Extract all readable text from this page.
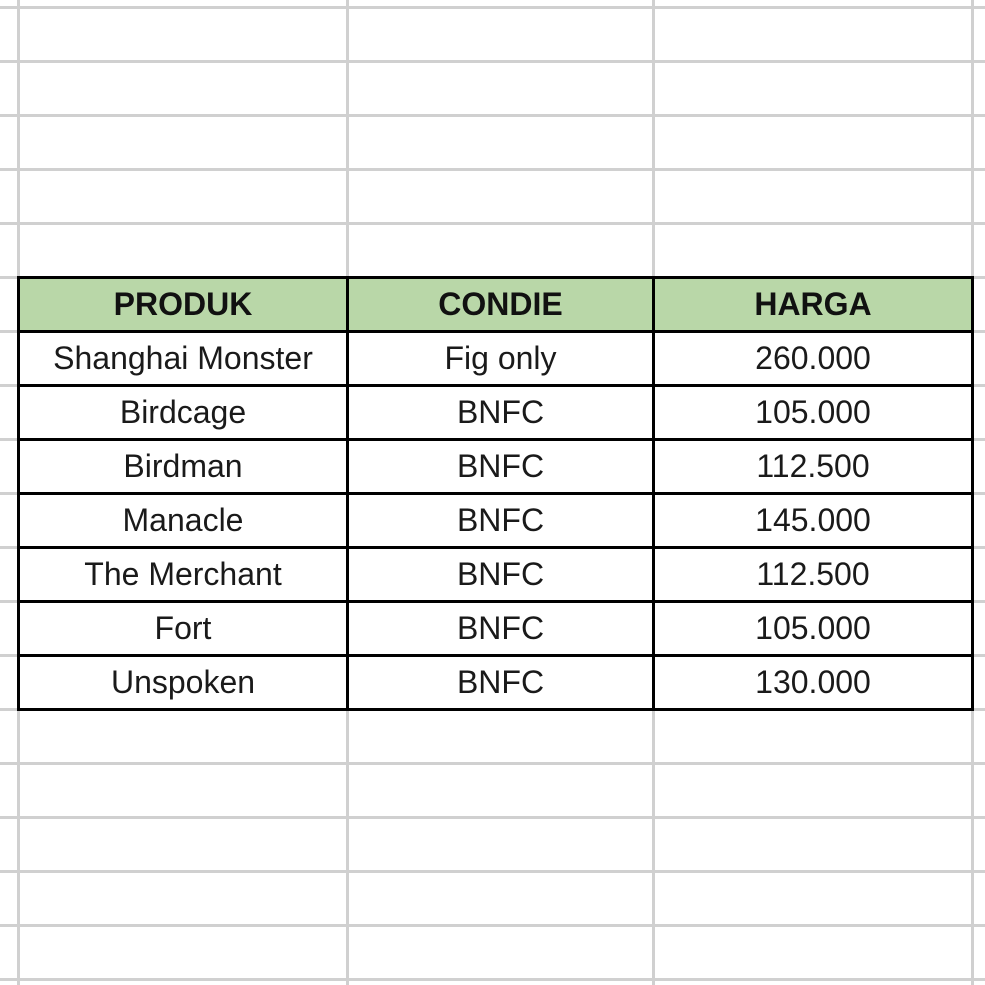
PRODUK	CONDIE	HARGA
Shanghai Monster	Fig only	260.000
Birdcage	BNFC	105.000
Birdman	BNFC	112.500
Manacle	BNFC	145.000
The Merchant	BNFC	112.500
Fort	BNFC	105.000
Unspoken	BNFC	130.000
